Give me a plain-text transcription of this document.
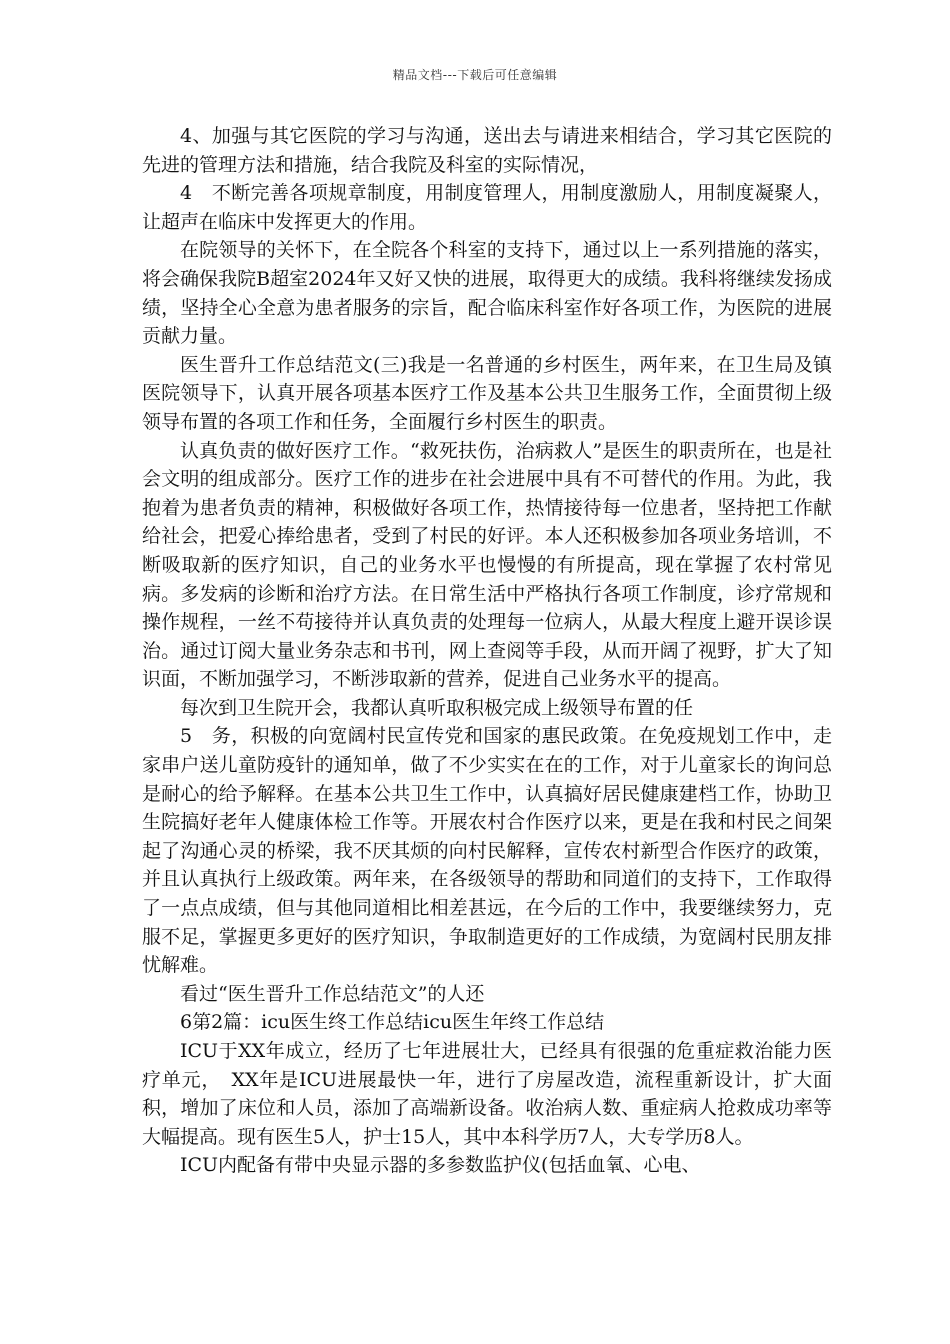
精品文档---下载后可任意编辑

4、加强与其它医院的学习与沟通，送出去与请进来相结合，学习其它医院的先进的管理方法和措施，结合我院及科室的实际情况，

4　不断完善各项规章制度，用制度管理人，用制度激励人，用制度凝聚人，让超声在临床中发挥更大的作用。

在院领导的关怀下，在全院各个科室的支持下，通过以上一系列措施的落实，将会确保我院B超室2024年又好又快的进展，取得更大的成绩。我科将继续发扬成绩，坚持全心全意为患者服务的宗旨，配合临床科室作好各项工作，为医院的进展贡献力量。

医生晋升工作总结范文(三)我是一名普通的乡村医生，两年来，在卫生局及镇医院领导下，认真开展各项基本医疗工作及基本公共卫生服务工作，全面贯彻上级领导布置的各项工作和任务，全面履行乡村医生的职责。

认真负责的做好医疗工作。“救死扶伤，治病救人”是医生的职责所在，也是社会文明的组成部分。医疗工作的进步在社会进展中具有不可替代的作用。为此，我抱着为患者负责的精神，积极做好各项工作，热情接待每一位患者，坚持把工作献给社会，把爱心捧给患者，受到了村民的好评。本人还积极参加各项业务培训，不断吸取新的医疗知识，自己的业务水平也慢慢的有所提高，现在掌握了农村常见病。多发病的诊断和治疗方法。在日常生活中严格执行各项工作制度，诊疗常规和操作规程，一丝不苟接待并认真负责的处理每一位病人，从最大程度上避开误诊误治。通过订阅大量业务杂志和书刊，网上查阅等手段，从而开阔了视野，扩大了知识面，不断加强学习，不断涉取新的营养，促进自己业务水平的提高。

每次到卫生院开会，我都认真听取积极完成上级领导布置的任

5　务，积极的向宽阔村民宣传党和国家的惠民政策。在免疫规划工作中，走家串户送儿童防疫针的通知单，做了不少实实在在的工作，对于儿童家长的询问总是耐心的给予解释。在基本公共卫生工作中，认真搞好居民健康建档工作，协助卫生院搞好老年人健康体检工作等。开展农村合作医疗以来，更是在我和村民之间架起了沟通心灵的桥梁，我不厌其烦的向村民解释，宣传农村新型合作医疗的政策，并且认真执行上级政策。两年来，在各级领导的帮助和同道们的支持下，工作取得了一点点成绩，但与其他同道相比相差甚远，在今后的工作中，我要继续努力，克服不足，掌握更多更好的医疗知识，争取制造更好的工作成绩，为宽阔村民朋友排忧解难。

看过“医生晋升工作总结范文”的人还

6第2篇：icu医生终工作总结icu医生年终工作总结

ICU于XX年成立，经历了七年进展壮大，已经具有很强的危重症救治能力医疗单元，　XX年是ICU进展最快一年，进行了房屋改造，流程重新设计，扩大面积，增加了床位和人员，添加了高端新设备。收治病人数、重症病人抢救成功率等大幅提高。现有医生5人，护士15人，其中本科学历7人，大专学历8人。

ICU内配备有带中央显示器的多参数监护仪(包括血氧、心电、
